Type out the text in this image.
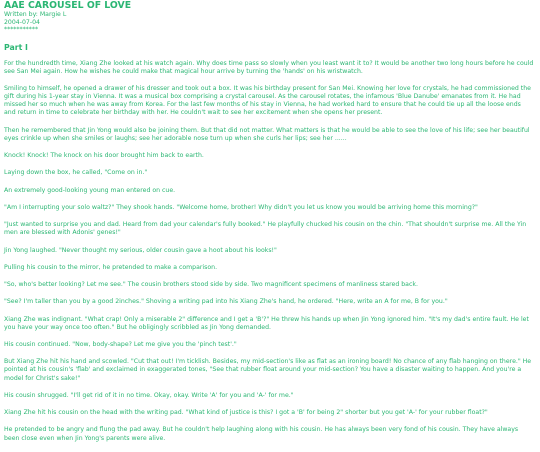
AAE CAROUSEL OF LOVE

Written by: Margie L

2004-07-04

***********

Part I

For the hundredth time, Xiang Zhe looked at his watch again. Why does time pass so slowly when you least want it to? It would be another two long hours before he could see San Mei again. How he wishes he could make that magical hour arrive by turning the 'hands' on his wristwatch.

Smiling to himself, he opened a drawer of his dresser and took out a box. It was his birthday present for San Mei. Knowing her love for crystals, he had commissioned the gift during his 1-year stay in Vienna. It was a musical box comprising a crystal carousel. As the carousel rotates, the infamous 'Blue Danube' emanates from it. He had missed her so much when he was away from Korea. For the last few months of his stay in Vienna, he had worked hard to ensure that he could tie up all the loose ends and return in time to celebrate her birthday with her. He couldn't wait to see her excitement when she opens her present.

Then he remembered that Jin Yong would also be joining them. But that did not matter. What matters is that he would be able to see the love of his life; see her beautiful eyes crinkle up when she smiles or laughs; see her adorable nose turn up when she curls her lips; see her ......

Knock! Knock! The knock on his door brought him back to earth.

Laying down the box, he called, "Come on in."

An extremely good-looking young man entered on cue.

"Am I interrupting your solo waltz?" They shook hands. "Welcome home, brother! Why didn't you let us know you would be arriving home this morning?"

"Just wanted to surprise you and dad. Heard from dad your calendar's fully booked." He playfully chucked his cousin on the chin. "That shouldn't surprise me. All the Yin men are blessed with Adonis' genes!"

Jin Yong laughed. "Never thought my serious, older cousin gave a hoot about his looks!"

Pulling his cousin to the mirror, he pretended to make a comparison.

"So, who's better looking? Let me see." The cousin brothers stood side by side. Two magnificent specimens of manliness stared back.

"See? I'm taller than you by a good 2inches." Shoving a writing pad into his Xiang Zhe's hand, he ordered. "Here, write an A for me, B for you."

Xiang Zhe was indignant. "What crap! Only a miserable 2" difference and I get a 'B'?" He threw his hands up when Jin Yong ignored him. "It's my dad's entire fault. He let you have your way once too often." But he obligingly scribbled as Jin Yong demanded.

His cousin continued. "Now, body-shape? Let me give you the 'pinch test'."

But Xiang Zhe hit his hand and scowled. "Cut that out! I'm ticklish. Besides, my mid-section's like as flat as an ironing board! No chance of any flab hanging on there." He pointed at his cousin's 'flab' and exclaimed in exaggerated tones, "See that rubber float around your mid-section? You have a disaster waiting to happen. And you're a model for Christ's sake!"

His cousin shrugged. "I'll get rid of it in no time. Okay, okay. Write 'A' for you and 'A-' for me."

Xiang Zhe hit his cousin on the head with the writing pad. "What kind of justice is this? I got a 'B' for being 2" shorter but you get 'A-' for your rubber float?"

He pretended to be angry and flung the pad away. But he couldn't help laughing along with his cousin. He has always been very fond of his cousin. They have always been close even when Jin Yong's parents were alive.
